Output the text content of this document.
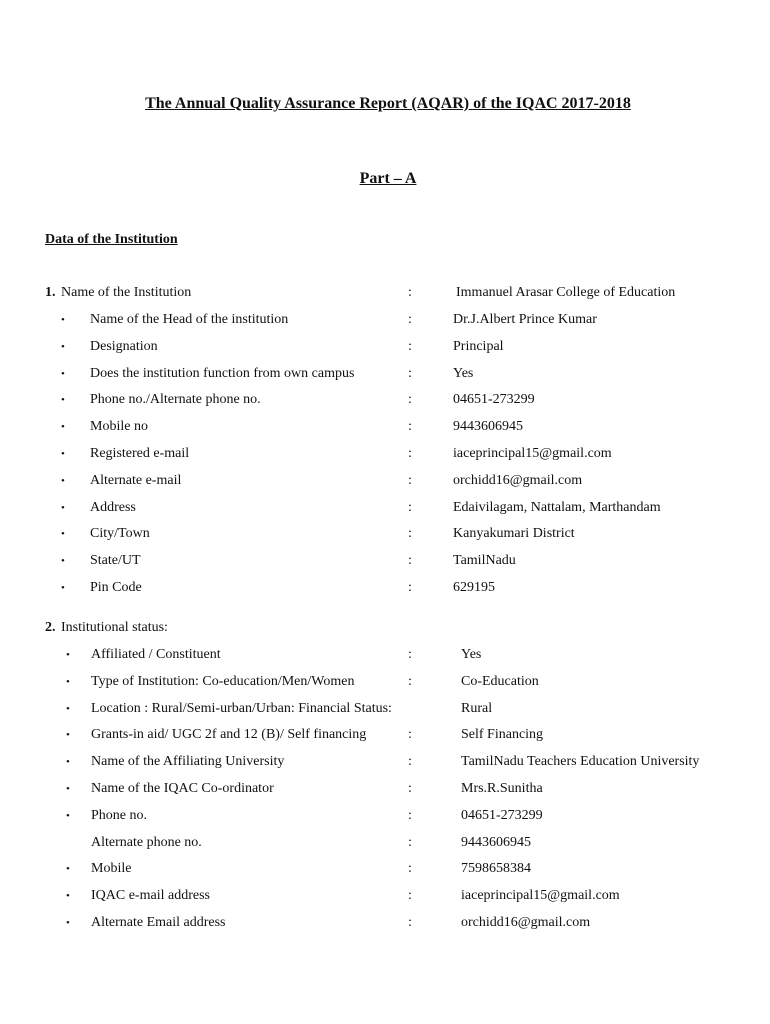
The Annual Quality Assurance Report (AQAR) of the IQAC 2017-2018
Part – A
Data of the Institution
1. Name of the Institution	:	Immanuel Arasar College of Education
• Name of the Head of the institution	:	Dr.J.Albert Prince Kumar
• Designation	:	Principal
• Does the institution function from own campus	:	Yes
• Phone no./Alternate phone no.	:	04651-273299
• Mobile no	:	9443606945
• Registered e-mail	:	iaceprincipal15@gmail.com
• Alternate e-mail	:	orchidd16@gmail.com
• Address	:	Edaivilagam, Nattalam, Marthandam
• City/Town	:	Kanyakumari District
• State/UT	:	TamilNadu
• Pin Code	:	629195
2. Institutional status:
• Affiliated / Constituent	:	Yes
• Type of Institution: Co-education/Men/Women	:	Co-Education
• Location : Rural/Semi-urban/Urban: Financial Status:	Rural
• Grants-in aid/ UGC 2f and 12 (B)/ Self financing	:	Self Financing
• Name of the Affiliating University	:	TamilNadu Teachers Education University
• Name of the IQAC Co-ordinator	:	Mrs.R.Sunitha
• Phone no.	:	04651-273299
Alternate phone no.	:	9443606945
• Mobile	:	7598658384
• IQAC e-mail address	:	iaceprincipal15@gmail.com
• Alternate Email address	:	orchidd16@gmail.com
